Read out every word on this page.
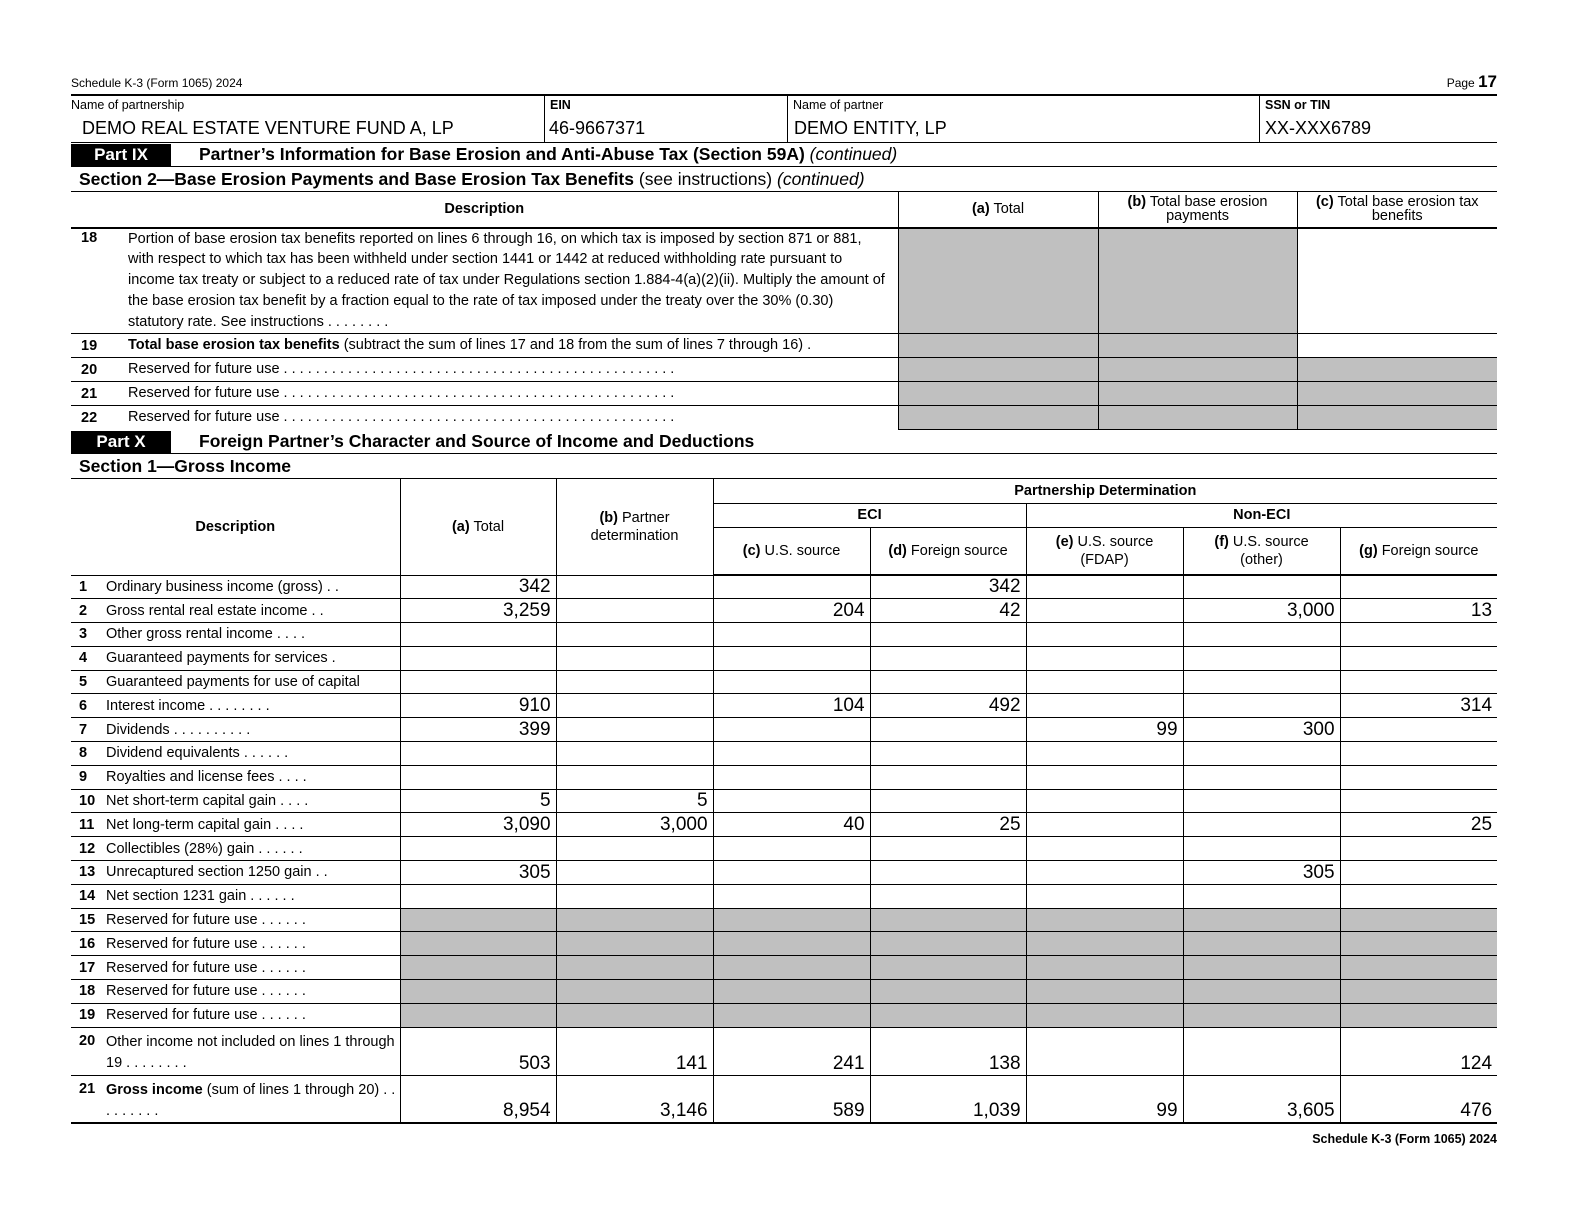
Schedule K-3 (Form 1065) 2024	Page 17
Name of partnership
DEMO REAL ESTATE VENTURE FUND A, LP
EIN
46-9667371
Name of partner
DEMO ENTITY, LP
SSN or TIN
XX-XXX6789
Part IX	Partner’s Information for Base Erosion and Anti-Abuse Tax (Section 59A) (continued)
Section 2—Base Erosion Payments and Base Erosion Tax Benefits (see instructions) (continued)
Description		(a) Total	(b) Total base erosion payments	(c) Total base erosion tax benefits
18	Portion of base erosion tax benefits reported on lines 6 through 16, on which tax is imposed by section 871 or 881, with respect to which tax has been withheld under section 1441 or 1442 at reduced withholding rate pursuant to income tax treaty or subject to a reduced rate of tax under Regulations section 1.884-4(a)(2)(ii). Multiply the amount of the base erosion tax benefit by a fraction equal to the rate of tax imposed under the treaty over the 30% (0.30) statutory rate. See instructions . . . . . . . .			
19	Total base erosion tax benefits (subtract the sum of lines 17 and 18 from the sum of lines 7 through 16) .			
20	Reserved for future use . . .			
21	Reserved for future use . . .			
22	Reserved for future use . . .			
Part X	Foreign Partner’s Character and Source of Income and Deductions
Section 1—Gross Income
Description		(a) Total	(b) Partner determination	Partnership Determination				
				ECI		Non-ECI		
				(c) U.S. source	(d) Foreign source	(e) U.S. source (FDAP)	(f) U.S. source (other)	(g) Foreign source
1	Ordinary business income (gross) . .	342			342			
2	Gross rental real estate income . .	3,259		204	42		3,000	13
3	Other gross rental income . . . .							
4	Guaranteed payments for services .							
5	Guaranteed payments for use of capital							
6	Interest income . . . . . . . .	910		104	492			314
7	Dividends . . . . . . . . . .	399				99	300	
8	Dividend equivalents . . . . . .							
9	Royalties and license fees . . . .							
10	Net short-term capital gain . . . .	5	5					
11	Net long-term capital gain . . . .	3,090	3,000	40	25			25
12	Collectibles (28%) gain . . . . . .							
13	Unrecaptured section 1250 gain . .	305					305	
14	Net section 1231 gain . . . . . .							
15	Reserved for future use . . . . . .							
16	Reserved for future use . . . . . .							
17	Reserved for future use . . . . . .							
18	Reserved for future use . . . . . .							
19	Reserved for future use . . . . . .							
20	Other income not included on lines 1 through 19 . . . . . . . .	503	141	241	138			124
21	Gross income (sum of lines 1 through 20) . . . . . . . . .	8,954	3,146	589	1,039	99	3,605	476
Schedule K-3 (Form 1065) 2024
